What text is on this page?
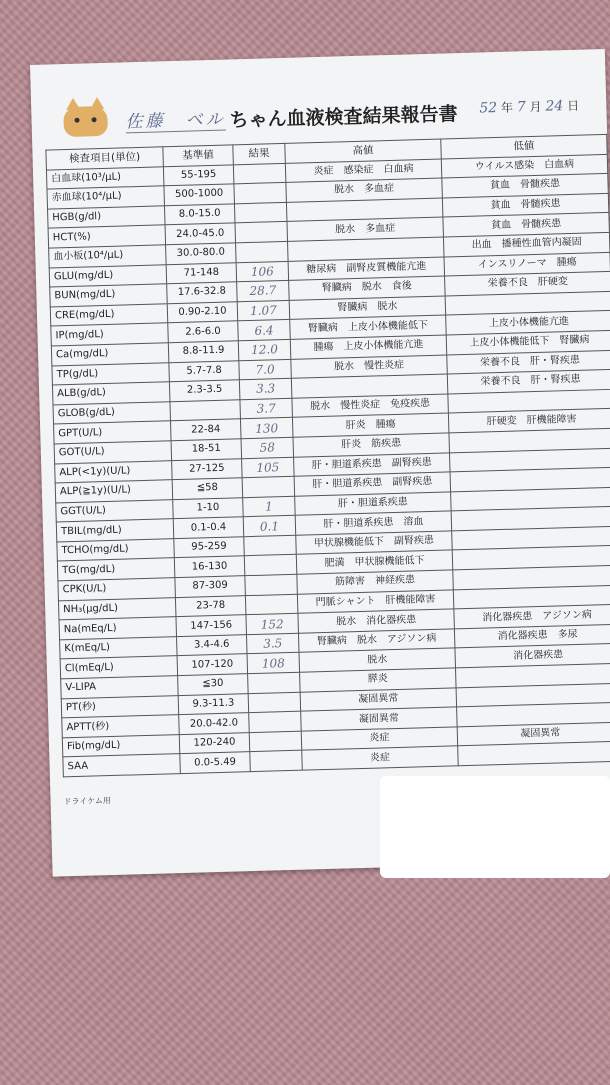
佐藤　ベル ちゃん血液検査結果報告書 52 年 7 月 24 日
検査項目(単位)	基準値	結果	高値	低値
白血球(10³/μL)	55-195		炎症　感染症　白血病	ウイルス感染　白血病
赤血球(10⁴/μL)	500-1000		脱水　多血症	貧血　骨髄疾患
HGB(g/dl)	8.0-15.0			貧血　骨髄疾患
HCT(%)	24.0-45.0		脱水　多血症	貧血　骨髄疾患
血小板(10⁴/μL)	30.0-80.0			出血　播種性血管内凝固
GLU(mg/dL)	71-148	106	糖尿病　副腎皮質機能亢進	インスリノーマ　腫瘍
BUN(mg/dL)	17.6-32.8	28.7	腎臓病　脱水　食後	栄養不良　肝硬変
CRE(mg/dL)	0.90-2.10	1.07	腎臓病　脱水	
IP(mg/dL)	2.6-6.0	6.4	腎臓病　上皮小体機能低下	上皮小体機能亢進
Ca(mg/dL)	8.8-11.9	12.0	腫瘍　上皮小体機能亢進	上皮小体機能低下　腎臓病
TP(g/dL)	5.7-7.8	7.0	脱水　慢性炎症	栄養不良　肝・腎疾患
ALB(g/dL)	2.3-3.5	3.3		栄養不良　肝・腎疾患
GLOB(g/dL)		3.7	脱水　慢性炎症　免疫疾患	
GPT(U/L)	22-84	130	肝炎　腫瘍	肝硬変　肝機能障害
GOT(U/L)	18-51	58	肝炎　筋疾患	
ALP(<1y)(U/L)	27-125	105	肝・胆道系疾患　副腎疾患	
ALP(≧1y)(U/L)	≦58		肝・胆道系疾患　副腎疾患	
GGT(U/L)	1-10	1	肝・胆道系疾患	
TBIL(mg/dL)	0.1-0.4	0.1	肝・胆道系疾患　溶血	
TCHO(mg/dL)	95-259		甲状腺機能低下　副腎疾患	
TG(mg/dL)	16-130		肥満　甲状腺機能低下	
CPK(U/L)	87-309		筋障害　神経疾患	
NH₃(μg/dL)	23-78		門脈シャント　肝機能障害	
Na(mEq/L)	147-156	152	脱水　消化器疾患	消化器疾患　アジソン病
K(mEq/L)	3.4-4.6	3.5	腎臓病　脱水　アジソン病	消化器疾患　多尿
Cl(mEq/L)	107-120	108	脱水	消化器疾患
V-LIPA	≦30		膵炎	
PT(秒)	9.3-11.3		凝固異常	
APTT(秒)	20.0-42.0		凝固異常	
Fib(mg/dL)	120-240		炎症	凝固異常
SAA	0.0-5.49		炎症	
ドライケム用
